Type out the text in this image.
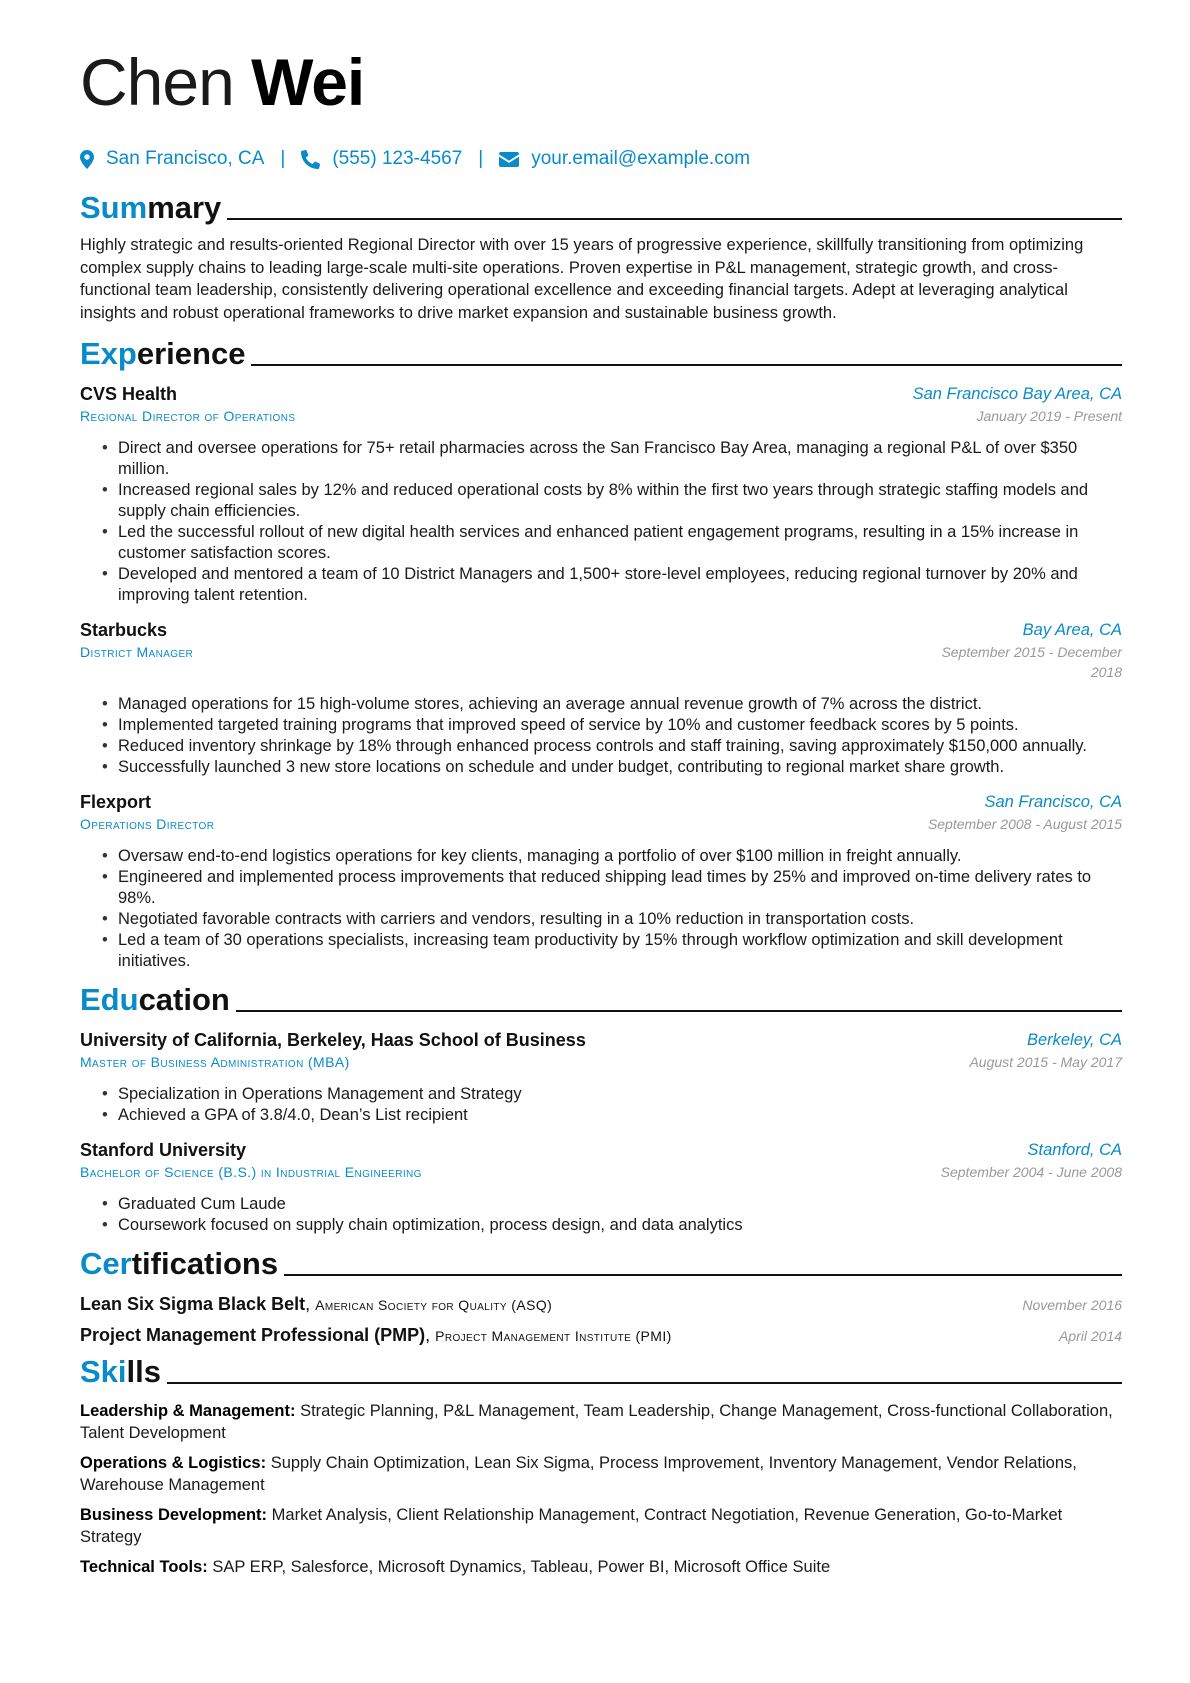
Chen Wei
San Francisco, CA | (555) 123-4567 |	your.email@example.com
Summary

Highly strategic and results-oriented Regional Director with over 15 years of progressive experience, skillfully transitioning from optimizing complex supply chains to leading large-scale multi-site operations. Proven expertise in P&L management, strategic growth, and cross-functional team leadership, consistently delivering operational excellence and exceeding financial targets. Adept at leveraging analytical insights and robust operational frameworks to drive market expansion and sustainable business growth.

Experience
CVS Health
Regional Director of Operations
San Francisco Bay Area, CA
January 2019 - Present
• Direct and oversee operations for 75+ retail pharmacies across the San Francisco Bay Area, managing a regional P&L of over $350 million.
• Increased regional sales by 12% and reduced operational costs by 8% within the first two years through strategic staffing models and supply chain efficiencies.
• Led the successful rollout of new digital health services and enhanced patient engagement programs, resulting in a 15% increase in customer satisfaction scores.
• Developed and mentored a team of 10 District Managers and 1,500+ store-level employees, reducing regional turnover by 20% and improving talent retention.
Starbucks
District Manager
Bay Area, CA
September 2015 - December 2018
• Managed operations for 15 high-volume stores, achieving an average annual revenue growth of 7% across the district.
• Implemented targeted training programs that improved speed of service by 10% and customer feedback scores by 5 points.
• Reduced inventory shrinkage by 18% through enhanced process controls and staff training, saving approximately $150,000 annually.
• Successfully launched 3 new store locations on schedule and under budget, contributing to regional market share growth.
Flexport
Operations Director
San Francisco, CA
September 2008 - August 2015
• Oversaw end-to-end logistics operations for key clients, managing a portfolio of over $100 million in freight annually.
• Engineered and implemented process improvements that reduced shipping lead times by 25% and improved on-time delivery rates to 98%.
• Negotiated favorable contracts with carriers and vendors, resulting in a 10% reduction in transportation costs.
• Led a team of 30 operations specialists, increasing team productivity by 15% through workflow optimization and skill development initiatives.
Education
University of California, Berkeley, Haas School of Business
Master of Business Administration (MBA)
Berkeley, CA
August 2015 - May 2017
• Specialization in Operations Management and Strategy
• Achieved a GPA of 3.8/4.0, Dean’s List recipient
Stanford University
Bachelor of Science (B.S.) in Industrial Engineering
Stanford, CA
September 2004 - June 2008
• Graduated Cum Laude
• Coursework focused on supply chain optimization, process design, and data analytics
Certifications
Lean Six Sigma Black Belt, American Society for Quality (ASQ)	November 2016
Project Management Professional (PMP), Project Management Institute (PMI)	April 2014
Skills

Leadership & Management: Strategic Planning, P&L Management, Team Leadership, Change Management, Cross-functional Collaboration, Talent Development

Operations & Logistics: Supply Chain Optimization, Lean Six Sigma, Process Improvement, Inventory Management, Vendor Relations, Warehouse Management

Business Development: Market Analysis, Client Relationship Management, Contract Negotiation, Revenue Generation, Go-to-Market Strategy

Technical Tools: SAP ERP, Salesforce, Microsoft Dynamics, Tableau, Power BI, Microsoft Office Suite
